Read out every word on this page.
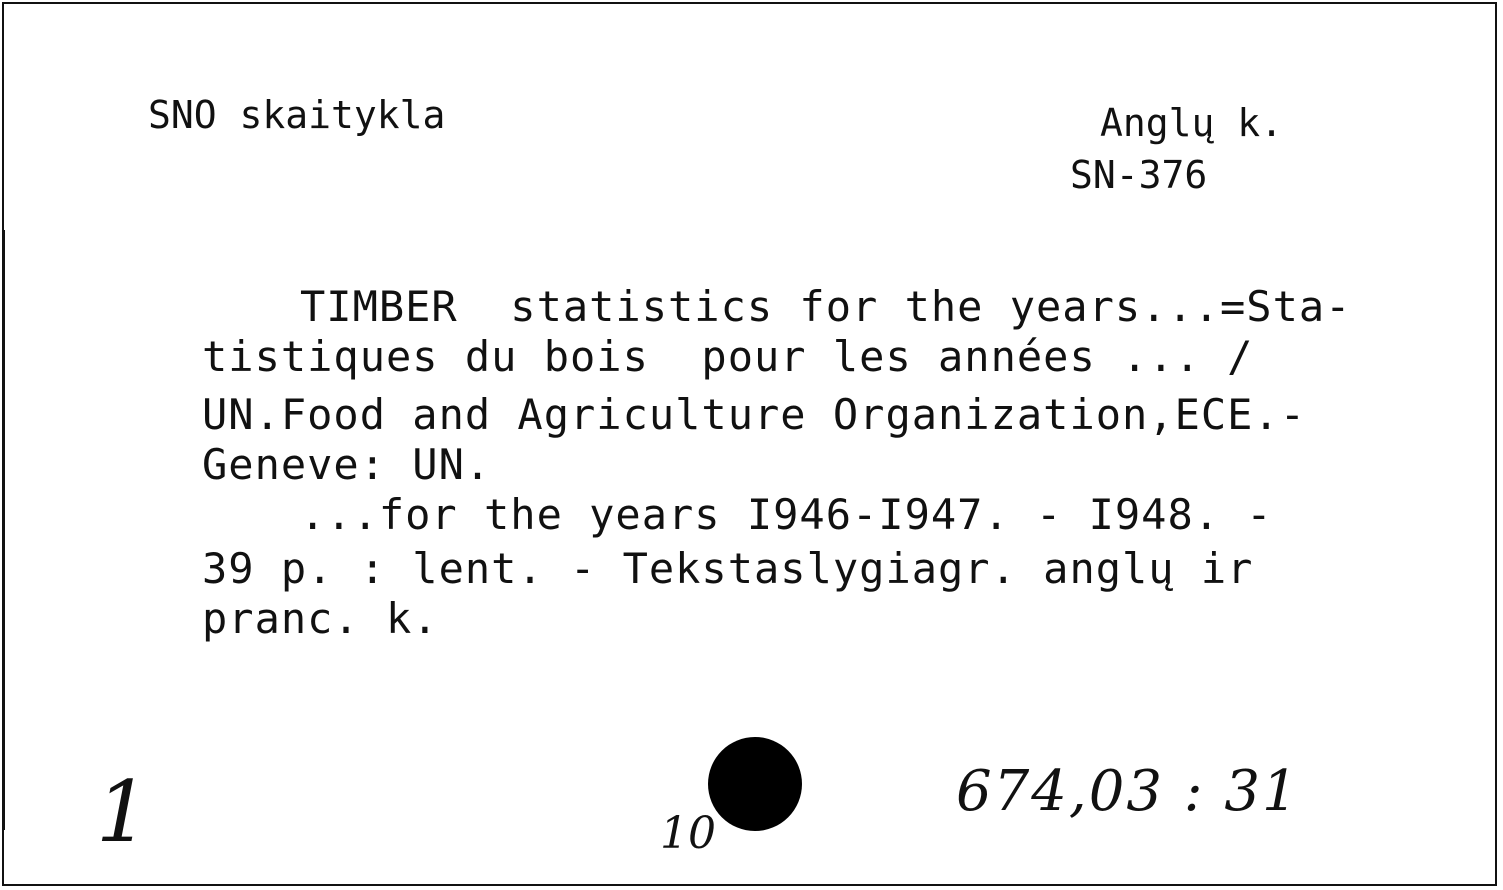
SNO skaitykla	Anglų k.
SN-376
TIMBER  statistics for the years...=Sta-
tistiques du bois  pour les années ... /
UN.Food and Agriculture Organization,ECE.-
Geneve: UN.
...for the years I946-I947. - I948. -
39 p. : lent. - Tekstaslygiagr. anglų ir
pranc. k.
1	10
674,03 : 31
